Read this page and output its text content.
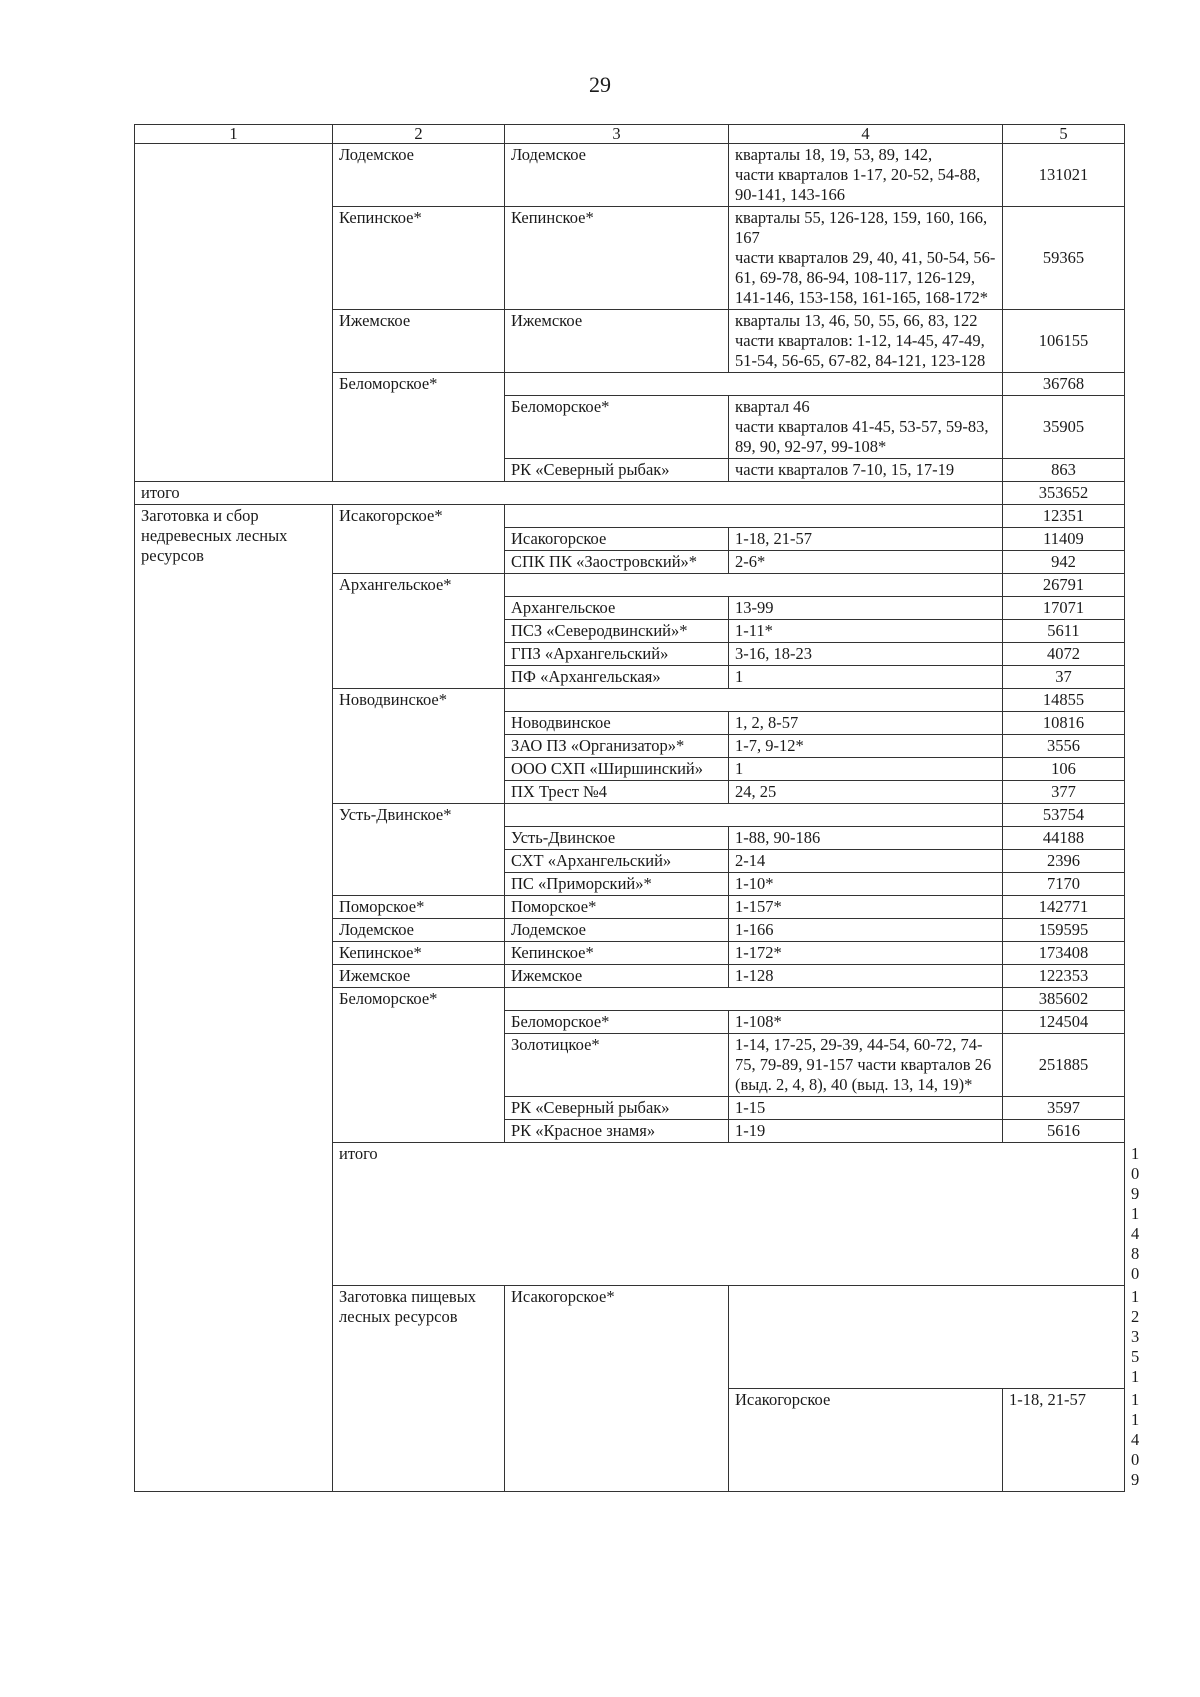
29
1	2	3	4	5	
	Лодемское	Лодемское	кварталы 18, 19, 53, 89, 142,
части кварталов 1-17, 20-52, 54-88, 90-141, 143-166	131021	
	Кепинское*	Кепинское*	кварталы 55, 126-128, 159, 160, 166, 167
части кварталов 29, 40, 41, 50-54, 56-61, 69-78, 86-94, 108-117, 126-129, 141-146, 153-158, 161-165, 168-172*	59365	
	Ижемское	Ижемское	кварталы 13, 46, 50, 55, 66, 83, 122
части кварталов: 1-12, 14-45, 47-49, 51-54, 56-65, 67-82, 84-121, 123-128	106155	
	Беломорское*			36768	
		Беломорское*	квартал 46
части кварталов 41-45, 53-57, 59-83, 89, 90, 92-97, 99-108*	35905	
		РК «Северный рыбак»	части кварталов 7-10, 15, 17-19	863	
итого				353652	
Заготовка и сбор недревесных лесных ресурсов	Исакогорское*			12351	
		Исакогорское	1-18, 21-57	11409	
		СПК ПК «Заостровский»*	2-6*	942	
	Архангельское*			26791	
		Архангельское	13-99	17071	
		ПСЗ «Северодвинский»*	1-11*	5611	
		ГПЗ «Архангельский»	3-16, 18-23	4072	
		ПФ «Архангельская»	1	37	
	Новодвинское*			14855	
		Новодвинское	1, 2, 8-57	10816	
		ЗАО ПЗ «Организатор»*	1-7, 9-12*	3556	
		ООО СХП «Ширшинский»	1	106	
		ПХ Трест №4	24, 25	377	
	Усть-Двинское*			53754	
		Усть-Двинское	1-88, 90-186	44188	
		СХТ «Архангельский»	2-14	2396	
		ПС «Приморский»*	1-10*	7170	
	Поморское*	Поморское*	1-157*	142771	
	Лодемское	Лодемское	1-166	159595	
	Кепинское*	Кепинское*	1-172*	173408	
	Ижемское	Ижемское	1-128	122353	
	Беломорское*			385602	
		Беломорское*	1-108*	124504	
		Золотицкое*	1-14, 17-25, 29-39, 44-54, 60-72, 74-75, 79-89, 91-157 части кварталов 26 (выд. 2, 4, 8), 40 (выд. 13, 14, 19)*	251885	
		РК «Северный рыбак»	1-15	3597	
		РК «Красное знамя»	1-19	5616	
	итого				1091480
	Заготовка пищевых лесных ресурсов	Исакогорское*			12351
			Исакогорское	1-18, 21-57	11409
